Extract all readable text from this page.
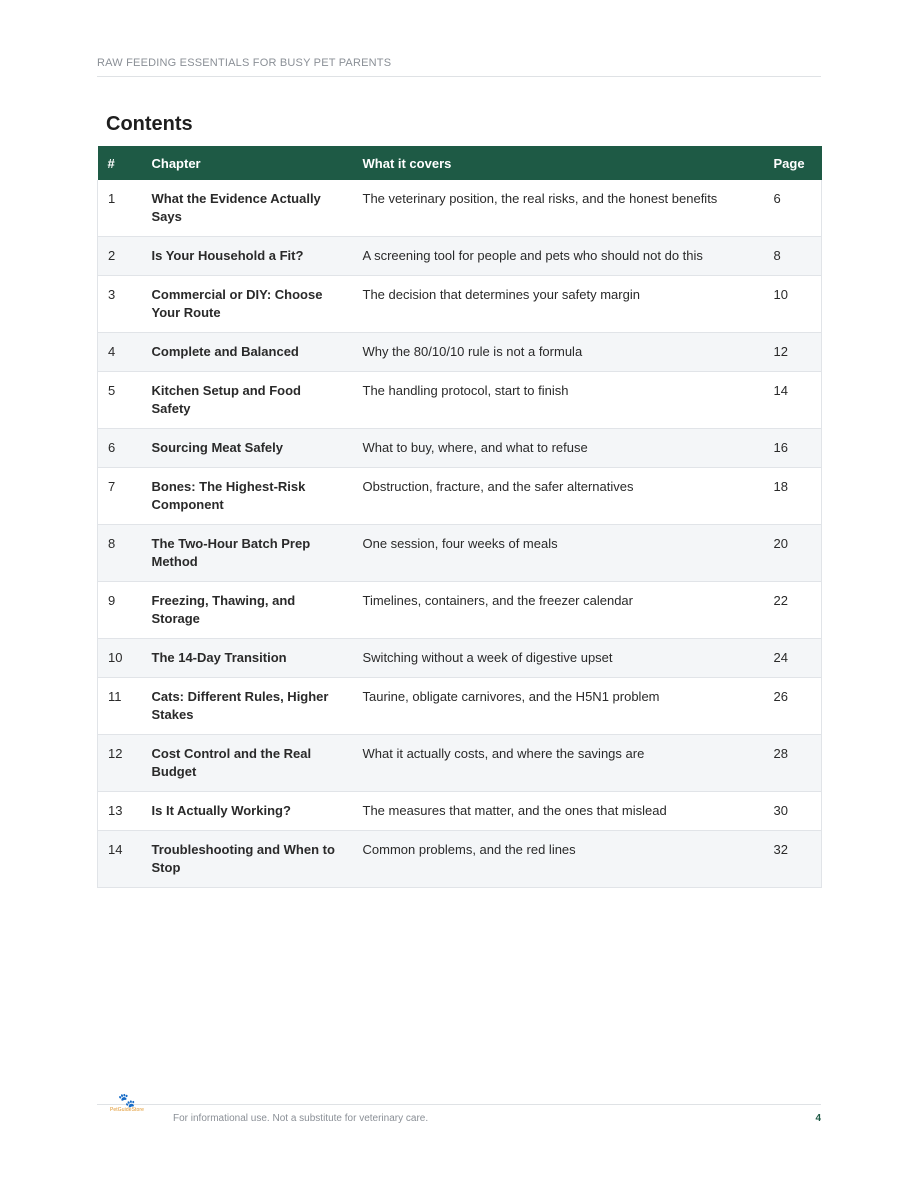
RAW FEEDING ESSENTIALS FOR BUSY PET PARENTS
Contents
#	Chapter	What it covers	Page
1	What the Evidence Actually Says	The veterinary position, the real risks, and the honest benefits	6
2	Is Your Household a Fit?	A screening tool for people and pets who should not do this	8
3	Commercial or DIY: Choose Your Route	The decision that determines your safety margin	10
4	Complete and Balanced	Why the 80/10/10 rule is not a formula	12
5	Kitchen Setup and Food Safety	The handling protocol, start to finish	14
6	Sourcing Meat Safely	What to buy, where, and what to refuse	16
7	Bones: The Highest-Risk Component	Obstruction, fracture, and the safer alternatives	18
8	The Two-Hour Batch Prep Method	One session, four weeks of meals	20
9	Freezing, Thawing, and Storage	Timelines, containers, and the freezer calendar	22
10	The 14-Day Transition	Switching without a week of digestive upset	24
11	Cats: Different Rules, Higher Stakes	Taurine, obligate carnivores, and the H5N1 problem	26
12	Cost Control and the Real Budget	What it actually costs, and where the savings are	28
13	Is It Actually Working?	The measures that matter, and the ones that mislead	30
14	Troubleshooting and When to Stop	Common problems, and the red lines	32
🐾
PetGuideStore
For informational use. Not a substitute for veterinary care.	4
